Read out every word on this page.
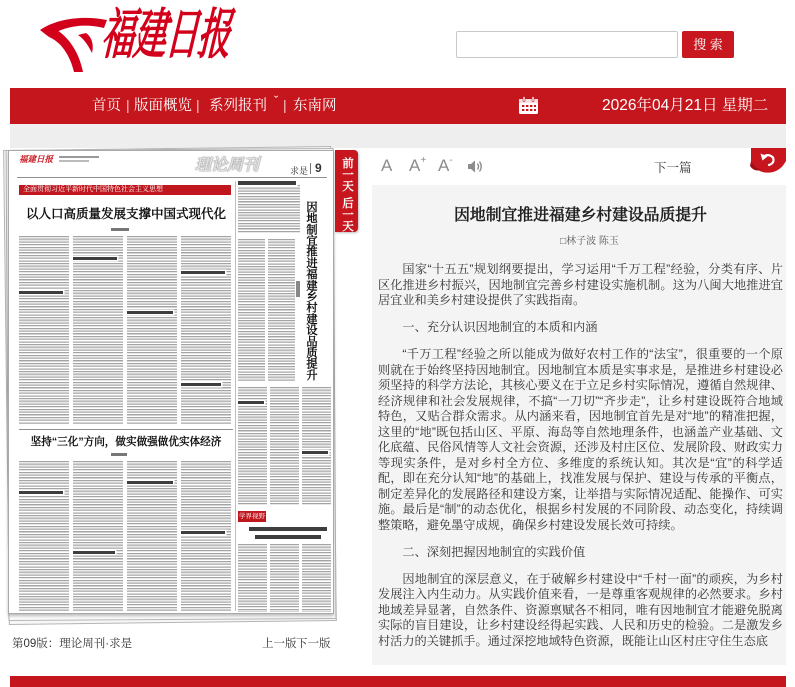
福建日报	搜 索
首页 | 版面概览 | 系列报刊 ˇ | 东南网	2026年04月21日 星期二
福建日报	理论周刊	求是 9
全面贯彻习近平新时代中国特色社会主义思想
以人口高质量发展支撑中国式现代化
坚持“三化”方向，做实做强做优实体经济
因地制宜推进福建乡村建设品质提升
学界视野
前一天
后一天
A A+ A-
下一篇
因地制宜推进福建乡村建设品质提升
□林子波 陈玉

国家“十五五”规划纲要提出，学习运用“千万工程”经验，分类有序、片区化推进乡村振兴，因地制宜完善乡村建设实施机制。这为八闽大地推进宜居宜业和美乡村建设提供了实践指南。

一、充分认识因地制宜的本质和内涵

“千万工程”经验之所以能成为做好农村工作的“法宝”，很重要的一个原则就在于始终坚持因地制宜。因地制宜本质是实事求是，是推进乡村建设必须坚持的科学方法论，其核心要义在于立足乡村实际情况，遵循自然规律、经济规律和社会发展规律，不搞“一刀切”“齐步走”，让乡村建设既符合地域特色，又贴合群众需求。从内涵来看，因地制宜首先是对“地”的精准把握，这里的“地”既包括山区、平原、海岛等自然地理条件，也涵盖产业基础、文化底蕴、民俗风情等人文社会资源，还涉及村庄区位、发展阶段、财政实力等现实条件，是对乡村全方位、多维度的系统认知。其次是“宜”的科学适配，即在充分认知“地”的基础上，找准发展与保护、建设与传承的平衡点，制定差异化的发展路径和建设方案，让举措与实际情况适配、能操作、可实施。最后是“制”的动态优化，根据乡村发展的不同阶段、动态变化，持续调整策略，避免墨守成规，确保乡村建设发展长效可持续。

二、深刻把握因地制宜的实践价值

因地制宜的深层意义，在于破解乡村建设中“千村一面”的顽疾，为乡村发展注入内生动力。从实践价值来看，一是尊重客观规律的必然要求。乡村地域差异显著，自然条件、资源禀赋各不相同，唯有因地制宜才能避免脱离实际的盲目建设，让乡村建设经得起实践、人民和历史的检验。二是激发乡村活力的关键抓手。通过深挖地域特色资源，既能让山区村庄守住生态底

第09版：理论周刊·求是	上一版 下一版
